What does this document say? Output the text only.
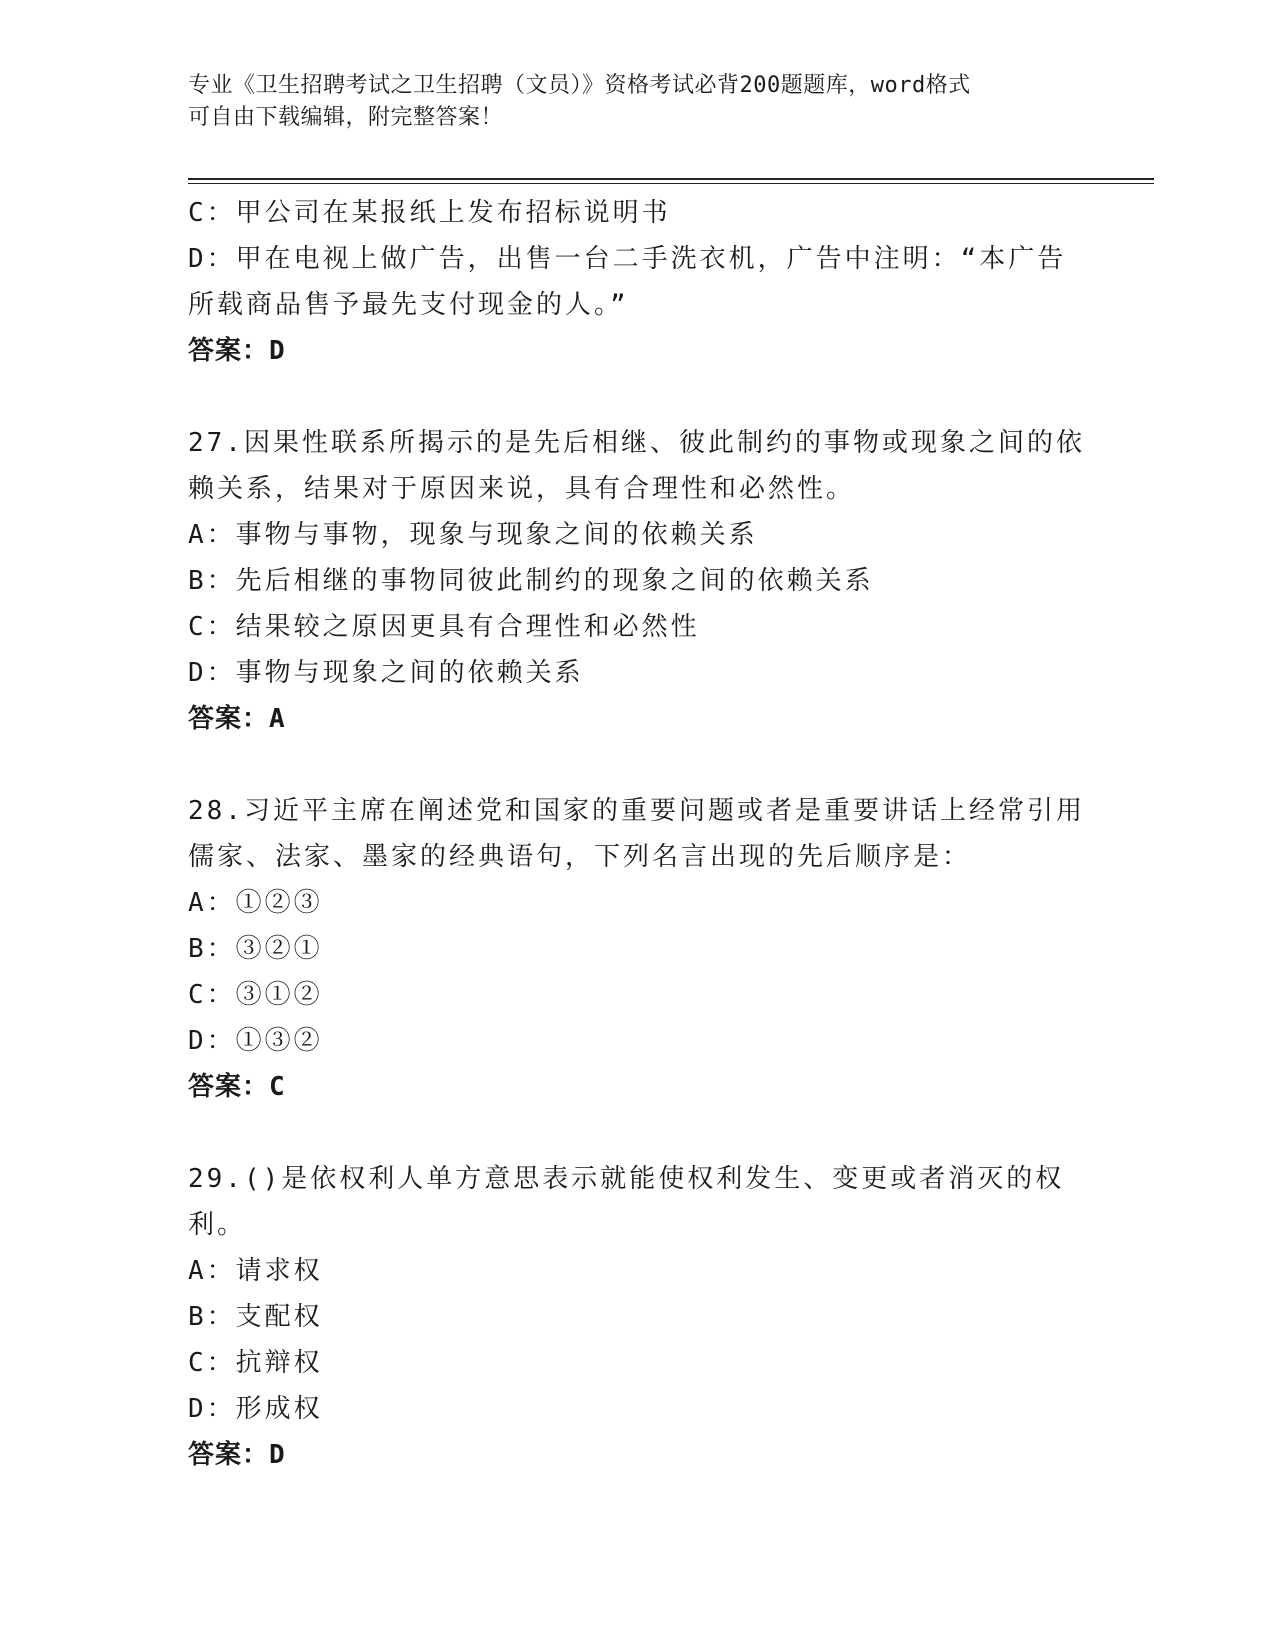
专业《卫生招聘考试之卫生招聘（文员）》资格考试必背200题题库，word格式
可自由下载编辑，附完整答案！
C：甲公司在某报纸上发布招标说明书
D：甲在电视上做广告，出售一台二手洗衣机，广告中注明：“本广告所载商品售予最先支付现金的人。”
答案：D
27.因果性联系所揭示的是先后相继、彼此制约的事物或现象之间的依赖关系，结果对于原因来说，具有合理性和必然性。
A：事物与事物，现象与现象之间的依赖关系
B：先后相继的事物同彼此制约的现象之间的依赖关系
C：结果较之原因更具有合理性和必然性
D：事物与现象之间的依赖关系
答案：A
28.习近平主席在阐述党和国家的重要问题或者是重要讲话上经常引用儒家、法家、墨家的经典语句，下列名言出现的先后顺序是：
A：①②③
B：③②①
C：③①②
D：①③②
答案：C
29.()是依权利人单方意思表示就能使权利发生、变更或者消灭的权利。
A：请求权
B：支配权
C：抗辩权
D：形成权
答案：D
